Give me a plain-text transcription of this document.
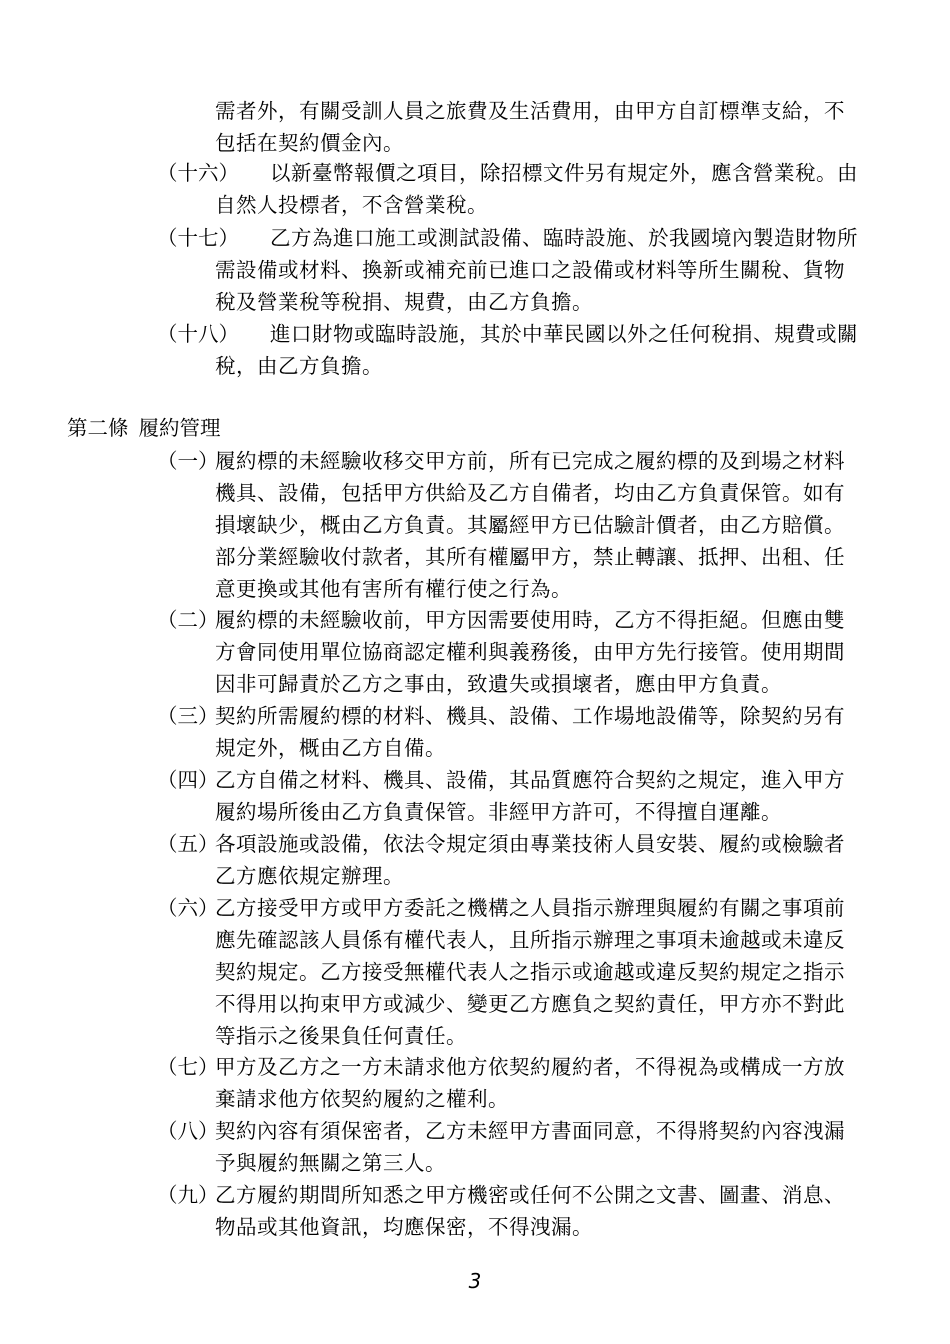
需者外，有關受訓人員之旅費及生活費用，由甲方自訂標準支給，不
包括在契約價金內。
（十六） 以新臺幣報價之項目，除招標文件另有規定外，應含營業稅。由
自然人投標者，不含營業稅。
（十七） 乙方為進口施工或測試設備、臨時設施、於我國境內製造財物所
需設備或材料、換新或補充前已進口之設備或材料等所生關稅、貨物
稅及營業稅等稅捐、規費，由乙方負擔。
（十八） 進口財物或臨時設施，其於中華民國以外之任何稅捐、規費或關
稅，由乙方負擔。
第二條 履約管理
（一）
履約標的未經驗收移交甲方前，所有已完成之履約標的及到場之材料
機具、設備，包括甲方供給及乙方自備者，均由乙方負責保管。如有
損壞缺少，概由乙方負責。其屬經甲方已估驗計價者，由乙方賠償。
部分業經驗收付款者，其所有權屬甲方，禁止轉讓、抵押、出租、任
意更換或其他有害所有權行使之行為。
（二）
履約標的未經驗收前，甲方因需要使用時，乙方不得拒絕。但應由雙
方會同使用單位協商認定權利與義務後，由甲方先行接管。使用期間
因非可歸責於乙方之事由，致遺失或損壞者，應由甲方負責。
（三）
契約所需履約標的材料、機具、設備、工作場地設備等，除契約另有
規定外，概由乙方自備。
（四）
乙方自備之材料、機具、設備，其品質應符合契約之規定，進入甲方
履約場所後由乙方負責保管。非經甲方許可，不得擅自運離。
（五）
各項設施或設備，依法令規定須由專業技術人員安裝、履約或檢驗者
乙方應依規定辦理。
（六）
乙方接受甲方或甲方委託之機構之人員指示辦理與履約有關之事項前
應先確認該人員係有權代表人，且所指示辦理之事項未逾越或未違反
契約規定。乙方接受無權代表人之指示或逾越或違反契約規定之指示
不得用以拘束甲方或減少、變更乙方應負之契約責任，甲方亦不對此
等指示之後果負任何責任。
（七）
甲方及乙方之一方未請求他方依契約履約者，不得視為或構成一方放
棄請求他方依契約履約之權利。
（八）
契約內容有須保密者，乙方未經甲方書面同意，不得將契約內容洩漏
予與履約無關之第三人。
（九）
乙方履約期間所知悉之甲方機密或任何不公開之文書、圖畫、消息、
物品或其他資訊，均應保密，不得洩漏。
3
